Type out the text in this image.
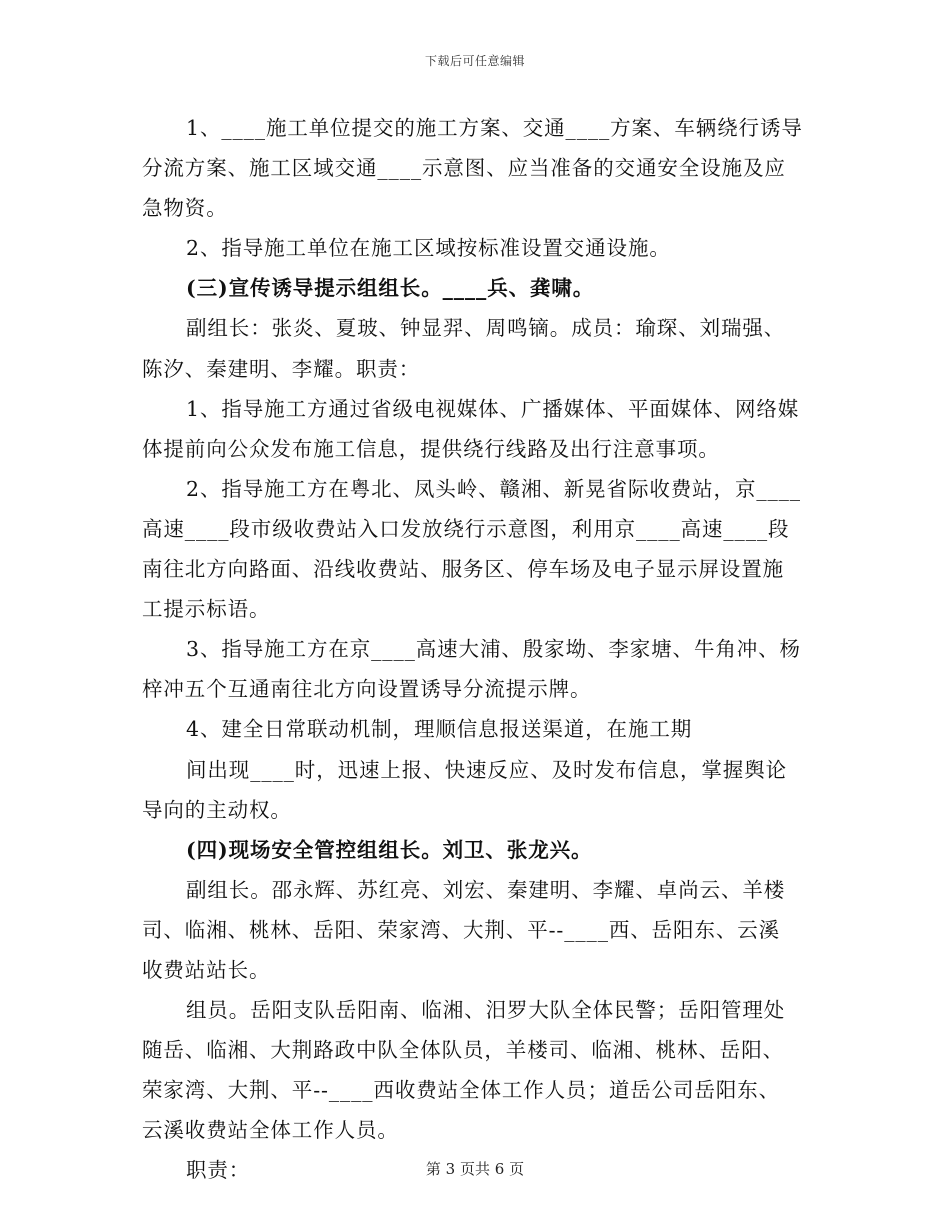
下载后可任意编辑
1、____施工单位提交的施工方案、交通____方案、车辆绕行诱导
分流方案、施工区域交通____示意图、应当准备的交通安全设施及应
急物资。
2、指导施工单位在施工区域按标准设置交通设施。
(三)宣传诱导提示组组长。____兵、龚啸。
副组长：张炎、夏玻、钟显羿、周鸣镝。成员：瑜琛、刘瑞强、
陈汐、秦建明、李耀。职责：
1、指导施工方通过省级电视媒体、广播媒体、平面媒体、网络媒
体提前向公众发布施工信息，提供绕行线路及出行注意事项。
2、指导施工方在粤北、凤头岭、赣湘、新晃省际收费站，京____
高速____段市级收费站入口发放绕行示意图，利用京____高速____段
南往北方向路面、沿线收费站、服务区、停车场及电子显示屏设置施
工提示标语。
3、指导施工方在京____高速大浦、殷家坳、李家塘、牛角冲、杨
梓冲五个互通南往北方向设置诱导分流提示牌。
4、建全日常联动机制，理顺信息报送渠道，在施工期
间出现____时，迅速上报、快速反应、及时发布信息，掌握舆论
导向的主动权。
(四)现场安全管控组组长。刘卫、张龙兴。
副组长。邵永辉、苏红亮、刘宏、秦建明、李耀、卓尚云、羊楼
司、临湘、桃林、岳阳、荣家湾、大荆、平--____西、岳阳东、云溪
收费站站长。
组员。岳阳支队岳阳南、临湘、汨罗大队全体民警；岳阳管理处
随岳、临湘、大荆路政中队全体队员，羊楼司、临湘、桃林、岳阳、
荣家湾、大荆、平--____西收费站全体工作人员；道岳公司岳阳东、
云溪收费站全体工作人员。
职责：	第 3 页共 6 页
